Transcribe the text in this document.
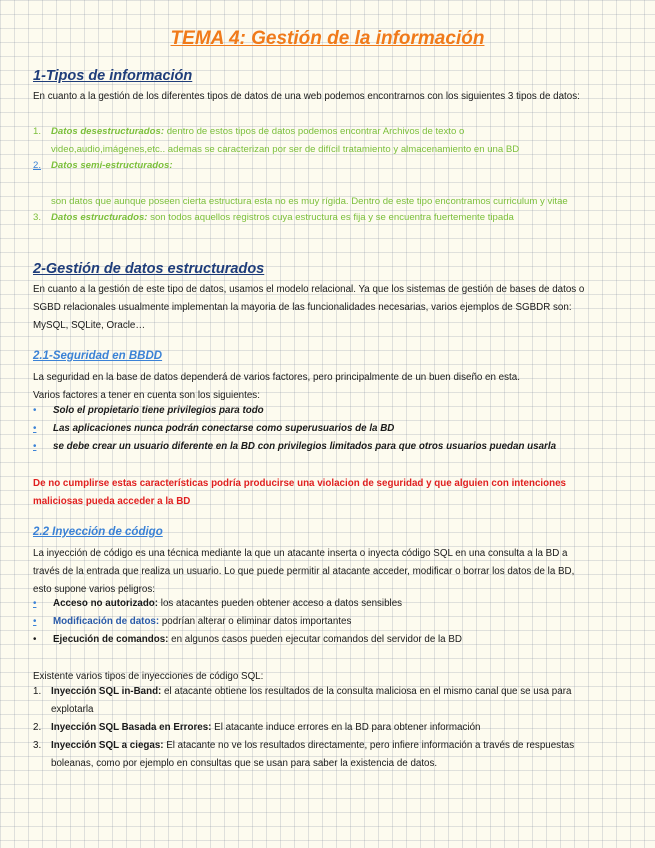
TEMA 4: Gestión de la información
1-Tipos de información
En cuanto a la gestión de los diferentes tipos de datos de una web podemos encontrarnos con los siguientes 3 tipos de datos:
1. Datos desestructurados: dentro de estos tipos de datos podemos encontrar Archivos de texto o
video,audio,imágenes,etc.. ademas se caracterizan por ser de difícil tratamiento y almacenamiento en una BD
2. Datos semi-estructurados:
son datos que aunque poseen cierta estructura esta no es muy rígida. Dentro de este tipo encontramos curriculum y vitae
3. Datos estructurados: son todos aquellos registros cuya estructura es fija y se encuentra fuertemente tipada
2-Gestión de datos estructurados
En cuanto a la gestión de este tipo de datos, usamos el modelo relacional. Ya que los sistemas de gestión de bases de datos o
SGBD relacionales usualmente implementan la mayoria de las funcionalidades necesarias, varios ejemplos de SGBDR son:
MySQL, SQLite, Oracle…
2.1-Seguridad en BBDD
La seguridad en la base de datos dependerá de varios factores, pero principalmente de un buen diseño en esta.
Varios factores a tener en cuenta son los siguientes:
• Solo el propietario tiene privilegios para todo
• Las aplicaciones nunca podrán conectarse como superusuarios de la BD
• se debe crear un usuario diferente en la BD con privilegios limitados para que otros usuarios puedan usarla
De no cumplirse estas características podría producirse una violacion de seguridad y que alguien con intenciones
maliciosas pueda acceder a la BD
2.2 Inyección de código
La inyección de código es una técnica mediante la que un atacante inserta o inyecta código SQL en una consulta a la BD a
través de la entrada que realiza un usuario. Lo que puede permitir al atacante acceder, modificar o borrar los datos de la BD,
esto supone varios peligros:
• Acceso no autorizado: los atacantes pueden obtener acceso a datos sensibles
• Modificación de datos: podrían alterar o eliminar datos importantes
• Ejecución de comandos: en algunos casos pueden ejecutar comandos del servidor de la BD
Existente varios tipos de inyecciones de código SQL:
1. Inyección SQL in-Band: el atacante obtiene los resultados de la consulta maliciosa en el mismo canal que se usa para
explotarla
2. Inyección SQL Basada en Errores: El atacante induce errores en la BD para obtener información
3. Inyección SQL a ciegas: El atacante no ve los resultados directamente, pero infiere información a través de respuestas
boleanas, como por ejemplo en consultas que se usan para saber la existencia de datos.
